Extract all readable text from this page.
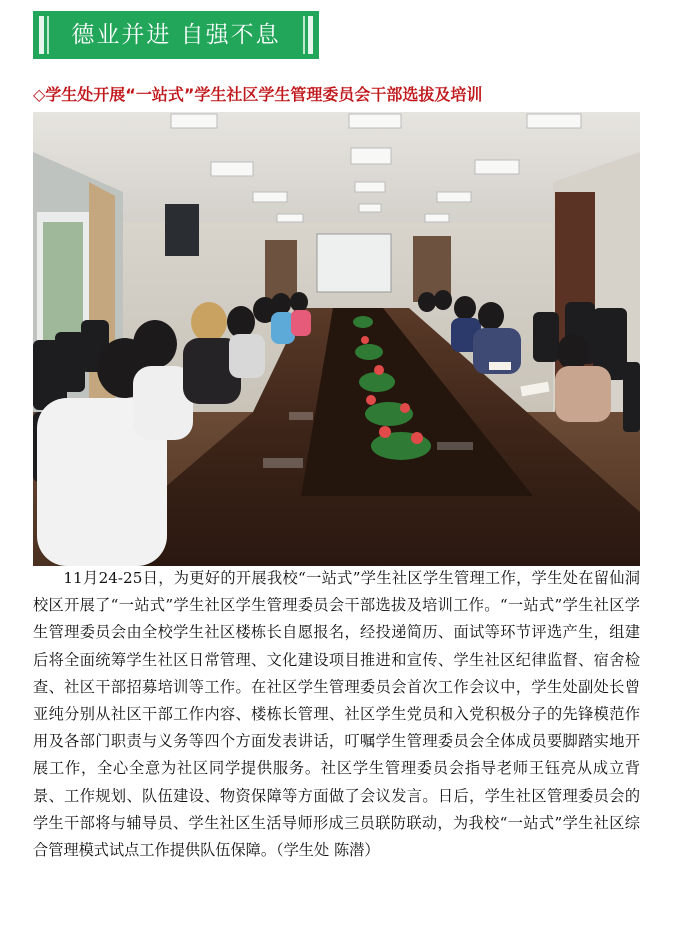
德业并进 自强不息
◇学生处开展“一站式”学生社区学生管理委员会干部选拔及培训

11月24-25日，为更好的开展我校“一站式”学生社区学生管理工作，学生处在留仙洞校区开展了“一站式”学生社区学生管理委员会干部选拔及培训工作。“一站式”学生社区学生管理委员会由全校学生社区楼栋长自愿报名，经投递简历、面试等环节评选产生，组建后将全面统筹学生社区日常管理、文化建设项目推进和宣传、学生社区纪律监督、宿舍检查、社区干部招募培训等工作。在社区学生管理委员会首次工作会议中，学生处副处长曾亚纯分别从社区干部工作内容、楼栋长管理、社区学生党员和入党积极分子的先锋模范作用及各部门职责与义务等四个方面发表讲话，叮嘱学生管理委员会全体成员要脚踏实地开展工作，全心全意为社区同学提供服务。社区学生管理委员会指导老师王钰亮从成立背景、工作规划、队伍建设、物资保障等方面做了会议发言。日后，学生社区管理委员会的学生干部将与辅导员、学生社区生活导师形成三员联防联动，为我校“一站式”学生社区综合管理模式试点工作提供队伍保障。（学生处 陈潜）
